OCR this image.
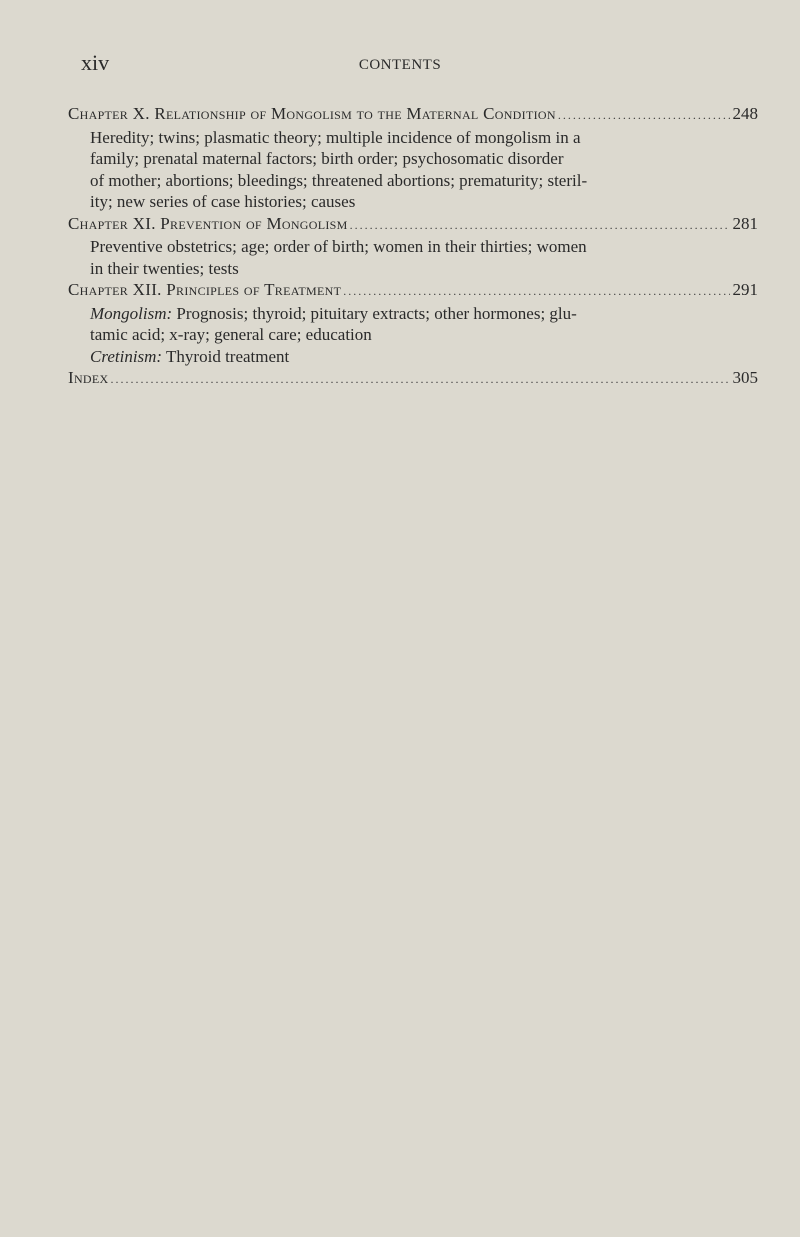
xiv	CONTENTS
Chapter X. Relationship of Mongolism to the Maternal Condition .....	248
Heredity; twins; plasmatic theory; multiple incidence of mongolism in a
family; prenatal maternal factors; birth order; psychosomatic disorder
of mother; abortions; bleedings; threatened abortions; prematurity; steril-
ity; new series of case histories; causes
Chapter XI. Prevention of Mongolism .....	281
Preventive obstetrics; age; order of birth; women in their thirties; women
in their twenties; tests
Chapter XII. Principles of Treatment .....	291
Mongolism: Prognosis; thyroid; pituitary extracts; other hormones; glu-
tamic acid; x-ray; general care; education
Cretinism: Thyroid treatment
Index .....	305
